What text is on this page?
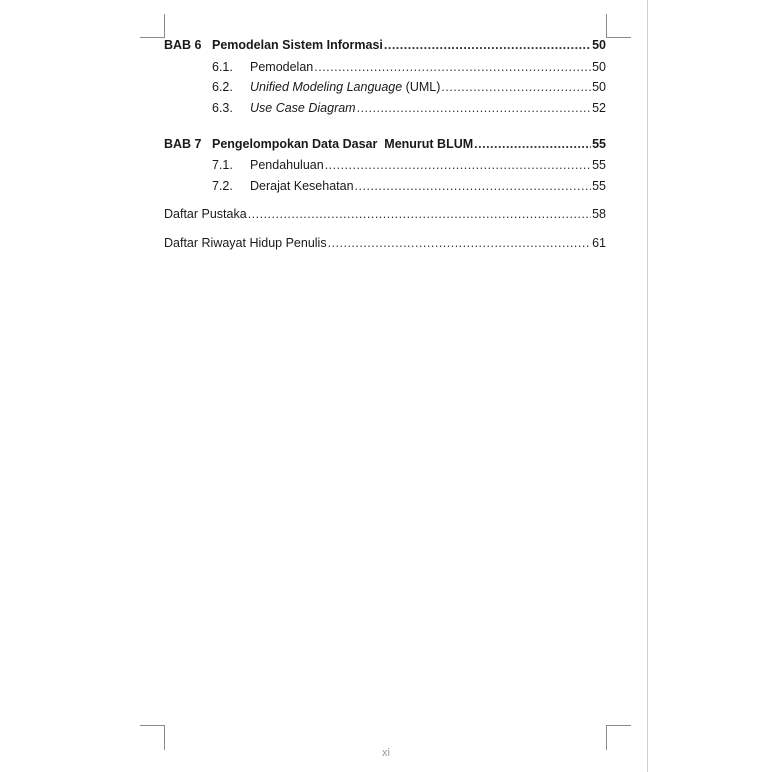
BAB 6 Pemodelan Sistem Informasi .....	50
6.1.	Pemodelan .....	50
6.2.	Unified Modeling Language (UML) .....	50
6.3.	Use Case Diagram .....	52
BAB 7 Pengelompokan Data Dasar  Menurut BLUM .....	55
7.1.	Pendahuluan .....	55
7.2.	Derajat Kesehatan .....	55
Daftar Pustaka .....	58
Daftar Riwayat Hidup Penulis .....	61
xi
